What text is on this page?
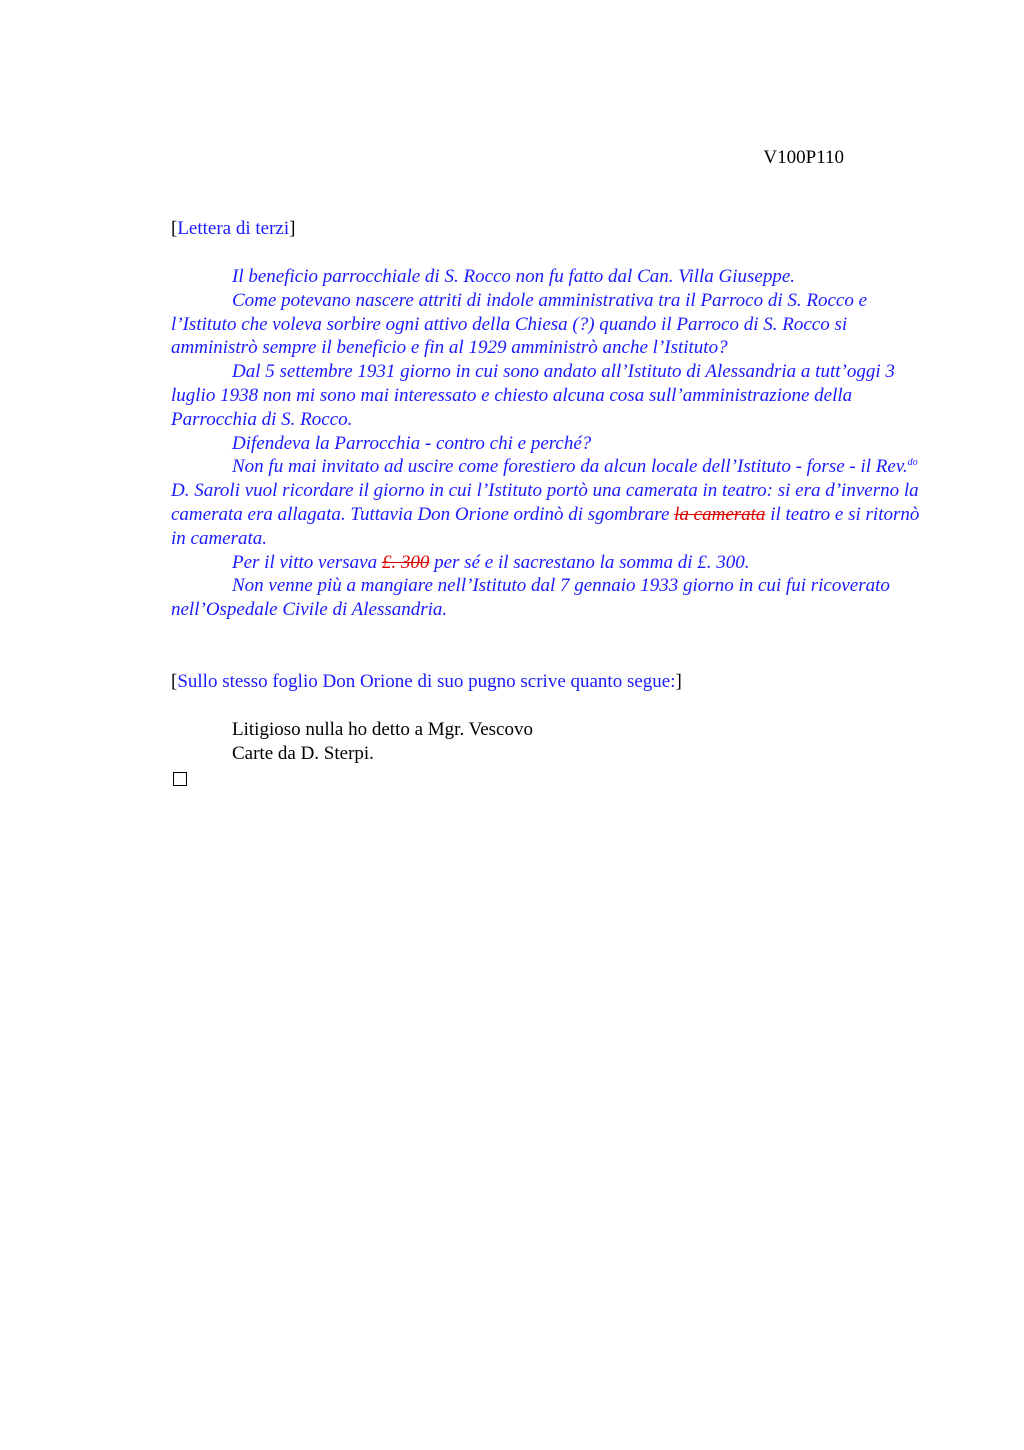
V100P110
[Lettera di terzi]

Il beneficio parrocchiale di S. Rocco non fu fatto dal Can. Villa Giuseppe.

Come potevano nascere attriti di indole amministrativa tra il Parroco di S. Rocco e l’Istituto che voleva sorbire ogni attivo della Chiesa (?) quando il Parroco di S. Rocco si amministrò sempre il beneficio e fin al 1929 amministrò anche l’Istituto?

Dal 5 settembre 1931 giorno in cui sono andato all’Istituto di Alessandria a tutt’oggi 3 luglio 1938 non mi sono mai interessato e chiesto alcuna cosa sull’amministrazione della Parrocchia di S. Rocco.

Difendeva la Parrocchia - contro chi e perché?

Non fu mai invitato ad uscire come forestiero da alcun locale dell’Istituto - forse - il Rev.$^{do}$ D. Saroli vuol ricordare il giorno in cui l’Istituto portò una camerata in teatro: si era d’inverno la camerata era allagata. Tuttavia Don Orione ordinò di sgombrare la camerata il teatro e si ritornò in camerata.

Per il vitto versava £. 300 per sé e il sacrestano la somma di £. 300.

Non venne più a mangiare nell’Istituto dal 7 gennaio 1933 giorno in cui fui ricoverato nell’Ospedale Civile di Alessandria.

[Sullo stesso foglio Don Orione di suo pugno scrive quanto segue:]

Litigioso nulla ho detto a Mgr. Vescovo

Carte da D. Sterpi.
